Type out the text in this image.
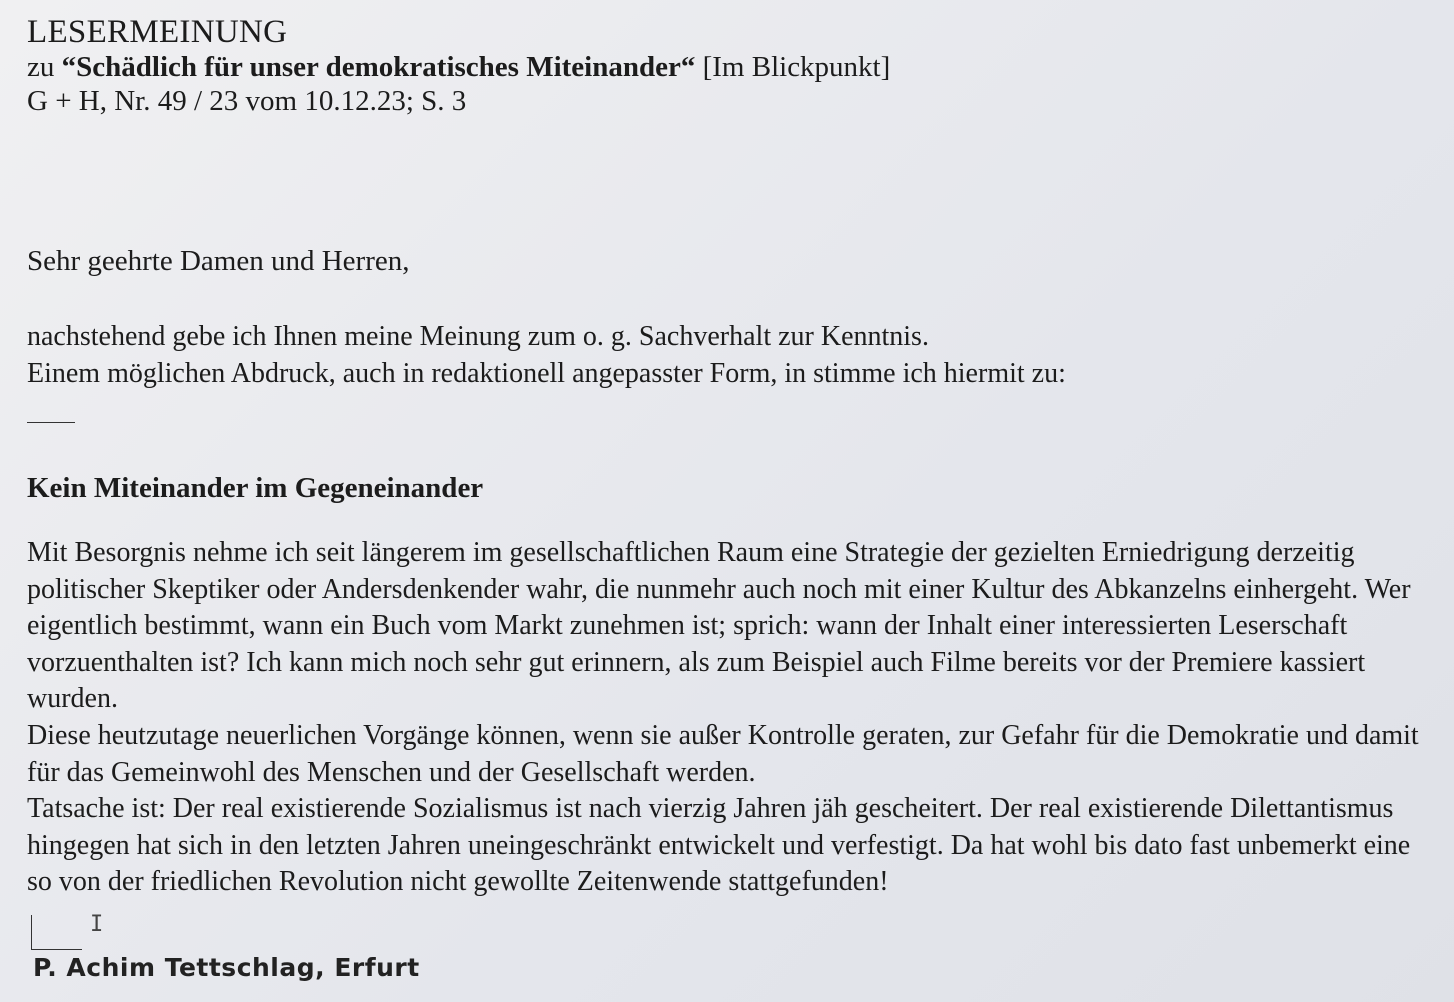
LESERMEINUNG
zu “Schädlich für unser demokratisches Miteinander“ [Im Blickpunkt]
G + H, Nr. 49 / 23 vom 10.12.23; S. 3
Sehr geehrte Damen und Herren,
nachstehend gebe ich Ihnen meine Meinung zum o. g. Sachverhalt zur Kenntnis.
Einem möglichen Abdruck, auch in redaktionell angepasster Form, in stimme ich hiermit zu:
Kein Miteinander im Gegeneinander

Mit Besorgnis nehme ich seit längerem im gesellschaftlichen Raum eine Strategie der gezielten Erniedrigung derzeitig politischer Skeptiker oder Andersdenkender wahr, die nunmehr auch noch mit einer Kultur des Abkanzelns einhergeht. Wer eigentlich bestimmt, wann ein Buch vom Markt zunehmen ist; sprich: wann der Inhalt einer interessierten Leserschaft vorzuenthalten ist? Ich kann mich noch sehr gut erinnern, als zum Beispiel auch Filme bereits vor der Premiere kassiert wurden.

Diese heutzutage neuerlichen Vorgänge können, wenn sie außer Kontrolle geraten, zur Gefahr für die Demokratie und damit für das Gemeinwohl des Menschen und der Gesellschaft werden.

Tatsache ist: Der real existierende Sozialismus ist nach vierzig Jahren jäh gescheitert. Der real existierende Dilettantismus hingegen hat sich in den letzten Jahren uneingeschränkt entwickelt und verfestigt. Da hat wohl bis dato fast unbemerkt eine so von der friedlichen Revolution nicht gewollte Zeitenwende stattgefunden!

I
P. Achim Tettschlag, Erfurt
